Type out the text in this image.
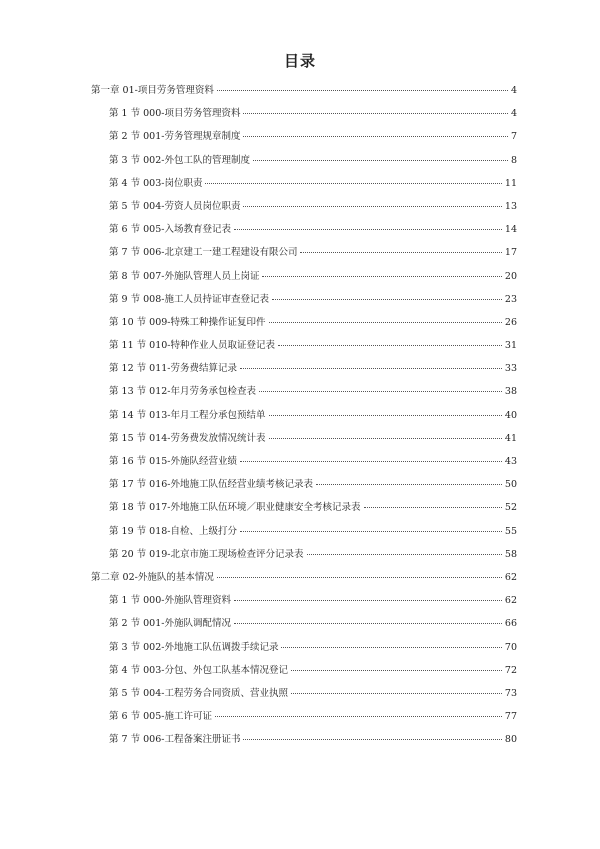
目录
第一章 01-项目劳务管理资料	4
第 1 节 000-项目劳务管理资料	4
第 2 节 001-劳务管理规章制度	7
第 3 节 002-外包工队的管理制度	8
第 4 节 003-岗位职责	11
第 5 节 004-劳资人员岗位职责	13
第 6 节 005-入场教育登记表	14
第 7 节 006-北京建工一建工程建设有限公司	17
第 8 节 007-外施队管理人员上岗证	20
第 9 节 008-施工人员持证审查登记表	23
第 10 节 009-特殊工种操作证复印件	26
第 11 节 010-特种作业人员取证登记表	31
第 12 节 011-劳务费结算记录	33
第 13 节 012-年月劳务承包检查表	38
第 14 节 013-年月工程分承包预结单	40
第 15 节 014-劳务费发放情况统计表	41
第 16 节 015-外施队经营业绩	43
第 17 节 016-外地施工队伍经营业绩考核记录表	50
第 18 节 017-外地施工队伍环境／职业健康安全考核记录表	52
第 19 节 018-自检、上级打分	55
第 20 节 019-北京市施工现场检查评分记录表	58
第二章 02-外施队的基本情况	62
第 1 节 000-外施队管理资料	62
第 2 节 001-外施队调配情况	66
第 3 节 002-外地施工队伍调拨手续记录	70
第 4 节 003-分包、外包工队基本情况登记	72
第 5 节 004-工程劳务合同资质、营业执照	73
第 6 节 005-施工许可证	77
第 7 节 006-工程备案注册证书	80
